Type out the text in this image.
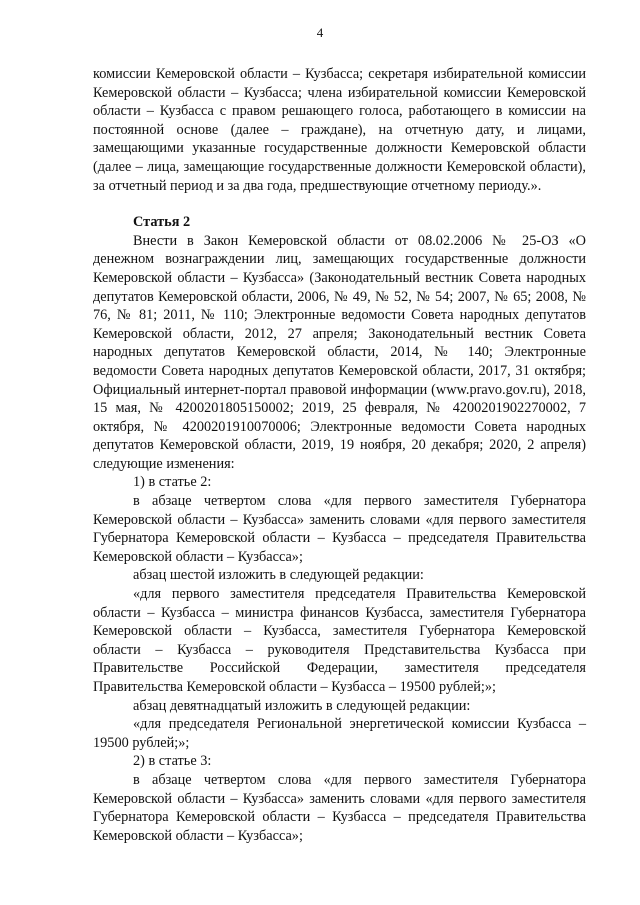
4

комиссии Кемеровской области – Кузбасса; секретаря избирательной комиссии Кемеровской области – Кузбасса; члена избирательной комиссии Кемеровской области – Кузбасса с правом решающего голоса, работающего в комиссии на постоянной основе (далее – граждане), на отчетную дату, и лицами, замещающими указанные государственные должности Кемеровской области (далее – лица, замещающие государственные должности Кемеровской области), за отчетный период и за два года, предшествующие отчетному периоду.».

Статья 2

Внести в Закон Кемеровской области от 08.02.2006 № 25-ОЗ «О денежном вознаграждении лиц, замещающих государственные должности Кемеровской области – Кузбасса» (Законодательный вестник Совета народных депутатов Кемеровской области, 2006, № 49, № 52, № 54; 2007, № 65; 2008, № 76, № 81; 2011, № 110; Электронные ведомости Совета народных депутатов Кемеровской области, 2012, 27 апреля; Законодательный вестник Совета народных депутатов Кемеровской области, 2014, № 140; Электронные ведомости Совета народных депутатов Кемеровской области, 2017, 31 октября; Официальный интернет-портал правовой информации (www.pravo.gov.ru), 2018, 15 мая, № 4200201805150002; 2019, 25 февраля, № 4200201902270002, 7 октября, № 4200201910070006; Электронные ведомости Совета народных депутатов Кемеровской области, 2019, 19 ноября, 20 декабря; 2020, 2 апреля) следующие изменения:

1) в статье 2:

в абзаце четвертом слова «для первого заместителя Губернатора Кемеровской области – Кузбасса» заменить словами «для первого заместителя Губернатора Кемеровской области – Кузбасса – председателя Правительства Кемеровской области – Кузбасса»;

абзац шестой изложить в следующей редакции:

«для первого заместителя председателя Правительства Кемеровской области – Кузбасса – министра финансов Кузбасса, заместителя Губернатора Кемеровской области – Кузбасса, заместителя Губернатора Кемеровской области – Кузбасса – руководителя Представительства Кузбасса при Правительстве Российской Федерации, заместителя председателя Правительства Кемеровской области – Кузбасса – 19500 рублей;»;

абзац девятнадцатый изложить в следующей редакции:

«для председателя Региональной энергетической комиссии Кузбасса – 19500 рублей;»;

2) в статье 3:

в абзаце четвертом слова «для первого заместителя Губернатора Кемеровской области – Кузбасса» заменить словами «для первого заместителя Губернатора Кемеровской области – Кузбасса – председателя Правительства Кемеровской области – Кузбасса»;
